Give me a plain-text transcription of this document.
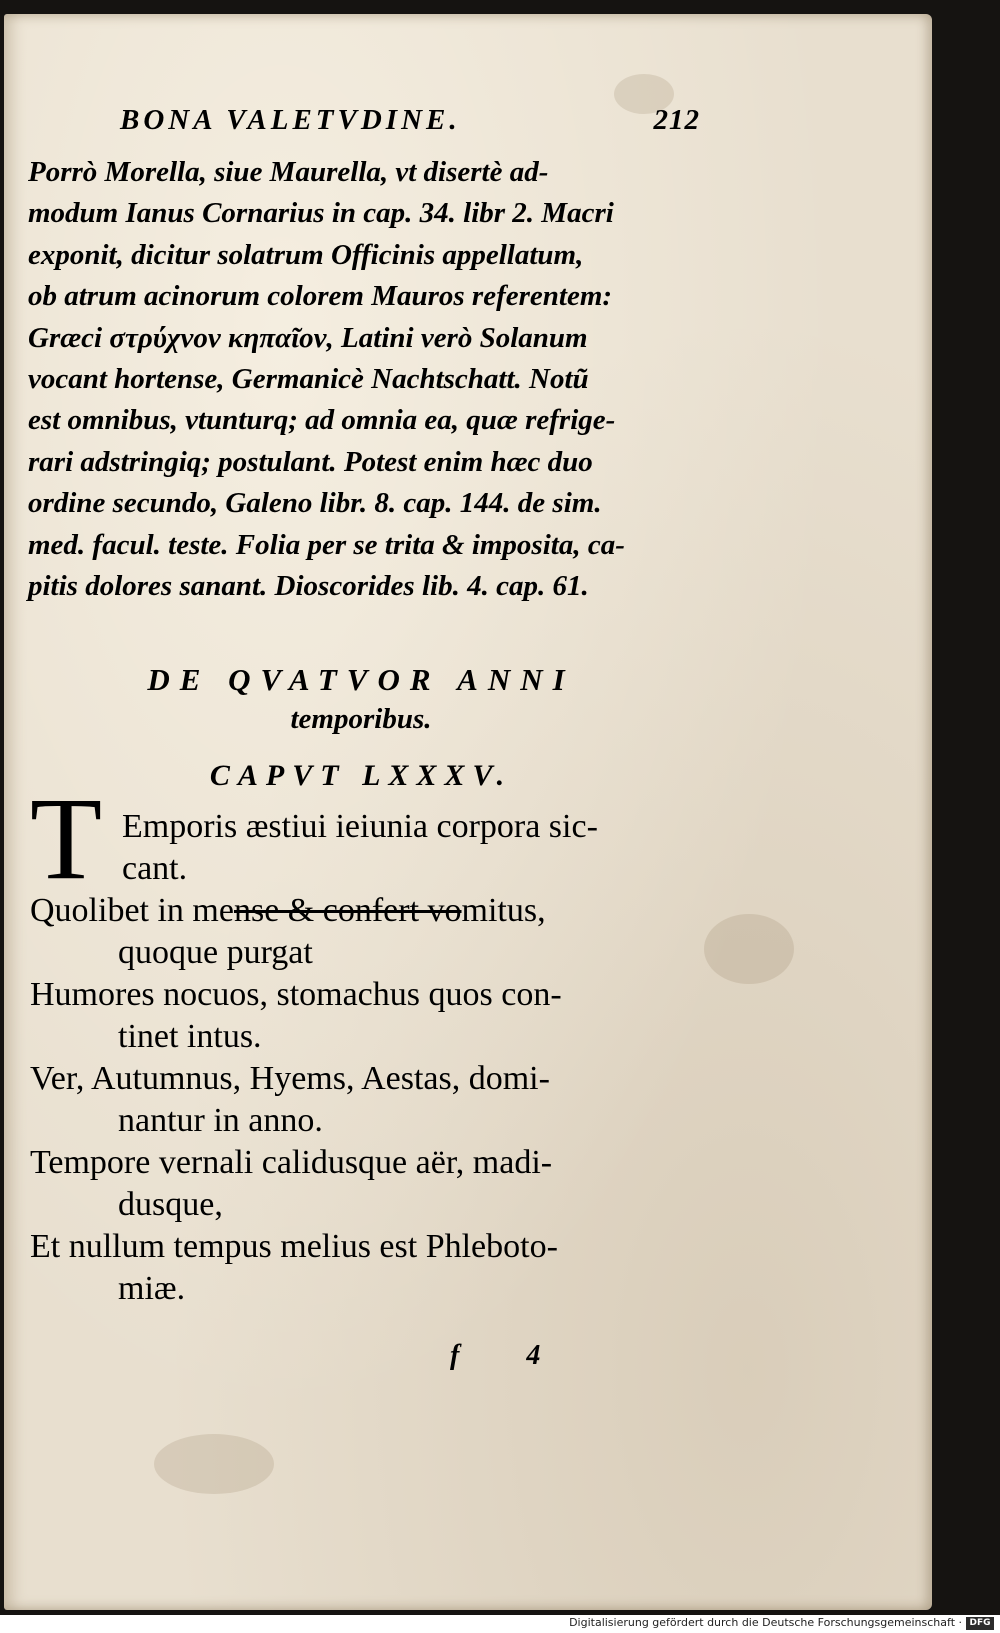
BONA VALETVDINE.	212
Porrò Morella, siue Maurella, vt disertè ad-
modum Ianus Cornarius in cap. 34. libr 2. Macri
exponit, dicitur solatrum Officinis appellatum,
ob atrum acinorum colorem Mauros referentem:
Græci στρύχνον κηπαῖον, Latini verò Solanum
vocant hortense, Germanicè Nachtschatt. Notũ
est omnibus, vtunturq; ad omnia ea, quæ refrige-
rari adstringiq; postulant. Potest enim hæc duo
ordine secundo, Galeno libr. 8. cap. 144. de sim.
med. facul. teste. Folia per se trita & imposita, ca-
pitis dolores sanant. Dioscorides lib. 4. cap. 61.
DE QVATVOR ANNI
temporibus.
CAPVT LXXXV.
T Emporis æstiui ieiunia corpora sic-
cant.
Quolibet in mense & confert vomitus,
quoque purgat
Humores nocuos, stomachus quos con-
tinet intus.
Ver, Autumnus, Hyems, Aestas, domi-
nantur in anno.
Tempore vernali calidusque aër, madi-
dusque,
Et nullum tempus melius est Phleboto-
miæ.
f 4
Digitalisierung gefördert durch die Deutsche Forschungsgemeinschaft · DFG
